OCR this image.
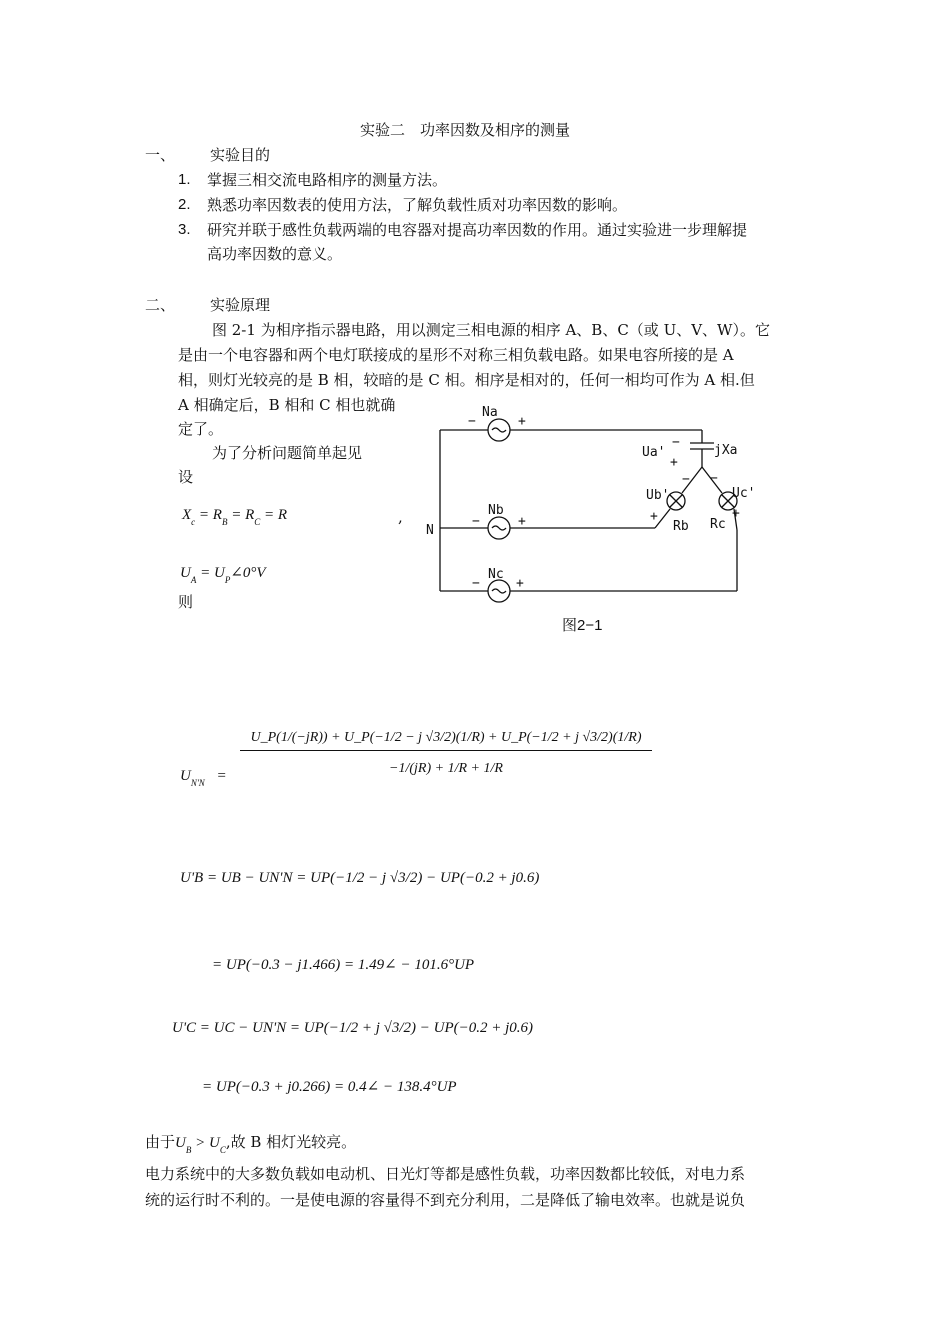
实验二　功率因数及相序的测量
一、 实验目的
1. 掌握三相交流电路相序的测量方法。
2. 熟悉功率因数表的使用方法，了解负载性质对功率因数的影响。
3. 研究并联于感性负载两端的电容器对提高功率因数的作用。通过实验进一步理解提
高功率因数的意义。
二、 实验原理
图 2-1 为相序指示器电路，用以测定三相电源的相序 A、B、C（或 U、V、W）。它
是由一个电容器和两个电灯联接成的星形不对称三相负载电路。如果电容所接的是 A
相，则灯光较亮的是 B 相，较暗的是 C 相。相序是相对的，任何一相均可作为 A 相.但
A 相确定后，B 相和 C 相也就确
定了。
为了分析问题简单起见
设
$X_c = R_B = R_C = R$	,
$U_A$ = $U_P\angle 0^\circ V$
则
Na
Nb
Nc
N
Ua'	jXa
Ub'	Uc'
Rb Rc
−	+
−	+
−	+
−
+
−
−
+	+
图2−1
$U_{N'N}$ =
U_P(1/(−jR)) + U_P(−1/2 − j √3/2)(1/R) + U_P(−1/2 + j √3/2)(1/R)
−1/(jR) + 1/R + 1/R
U'B = UB − UN'N = UP(−1/2 − j √3/2) − UP(−0.2 + j0.6)
= UP(−0.3 − j1.466) = 1.49∠ − 101.6°UP
U'C = UC − UN'N = UP(−1/2 + j √3/2) − UP(−0.2 + j0.6)
= UP(−0.3 + j0.266) = 0.4∠ − 138.4°UP
由于$U_B > U_C$,故 B 相灯光较亮。
电力系统中的大多数负载如电动机、日光灯等都是感性负载，功率因数都比较低，对电力系
统的运行时不利的。一是使电源的容量得不到充分利用，二是降低了输电效率。也就是说负
